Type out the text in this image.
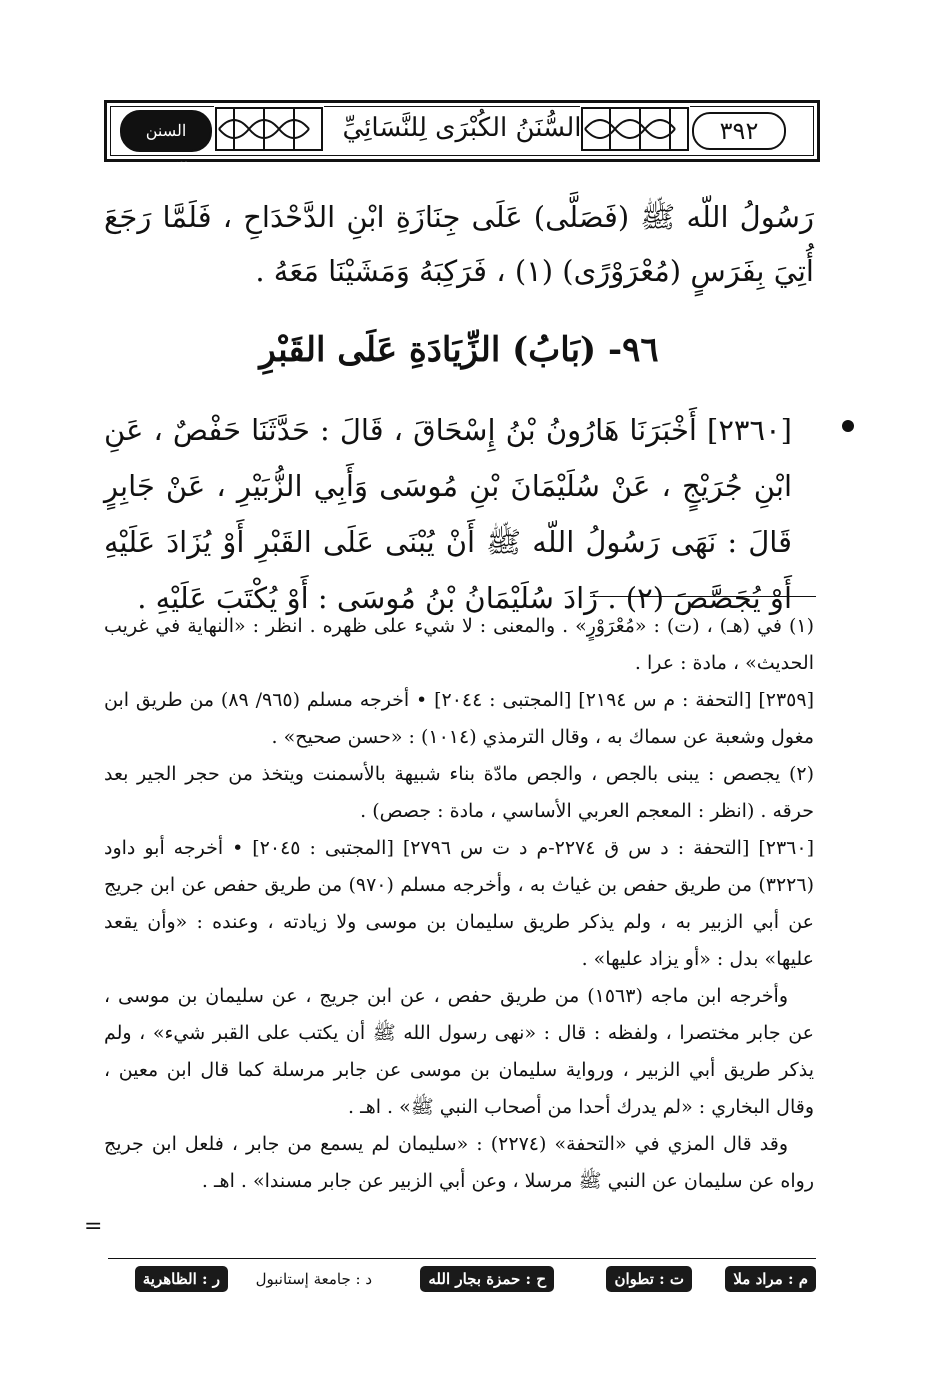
السنن الكبرى
السُّنَنُ الكُبْرَى لِلنَّسَائِيِّ	٣٩٢
رَسُولُ اللّه ﷺ (فَصَلَّى) عَلَى جِنَازَةِ ابْنِ الدَّحْدَاحِ ، فَلَمَّا رَجَعَ أُتِيَ بِفَرَسٍ (مُعْرَوْرًى) (١) ، فَرَكِبَهُ وَمَشَيْنَا مَعَهُ .
٩٦- (بَابُ) الزِّيَادَةِ عَلَى القَبْرِ
[٢٣٦٠] أَخْبَرَنَا هَارُونُ بْنُ إِسْحَاقَ ، قَالَ : حَدَّثَنَا حَفْصٌ ، عَنِ ابْنِ جُرَيْجٍ ، عَنْ سُلَيْمَانَ بْنِ مُوسَى وَأَبِي الزُّبَيْرِ ، عَنْ جَابِرٍ قَالَ : نَهَى رَسُولُ اللّه ﷺ أَنْ يُبْنَى عَلَى القَبْرِ أَوْ يُزَادَ عَلَيْهِ أَوْ يُجَصَّصَ (٢) . زَادَ سُلَيْمَانُ بْنُ مُوسَى : أَوْ يُكْتَبَ عَلَيْهِ .

(١) في (هـ) ، (ت) : «مُعْرَوْرٍ» . والمعنى : لا شيء على ظهره . انظر : «النهاية في غريب الحديث» ، مادة : عرا .

[٢٣٥٩] [التحفة : م س ٢١٩٤] [المجتبى : ٢٠٤٤] • أخرجه مسلم (٩٦٥/ ٨٩) من طريق ابن مغول وشعبة عن سماك به ، وقال الترمذي (١٠١٤) : «حسن صحيح» .

(٢) يجصص : يبنى بالجص ، والجص مادّة بناء شبيهة بالأسمنت ويتخذ من حجر الجير بعد حرقه . (انظر : المعجم العربي الأساسي ، مادة : جصص) .

[٢٣٦٠] [التحفة : د س ق ٢٢٧٤-م د ت س ٢٧٩٦] [المجتبى : ٢٠٤٥] • أخرجه أبو داود (٣٢٢٦) من طريق حفص بن غياث به ، وأخرجه مسلم (٩٧٠) من طريق حفص عن ابن جريج عن أبي الزبير به ، ولم يذكر طريق سليمان بن موسى ولا زيادته ، وعنده : «وأن يقعد عليها» بدل : «أو يزاد عليها» .

وأخرجه ابن ماجه (١٥٦٣) من طريق حفص ، عن ابن جريج ، عن سليمان بن موسى ، عن جابر مختصرا ، ولفظه : قال : «نهى رسول الله ﷺ أن يكتب على القبر شيء» ، ولم يذكر طريق أبي الزبير ، ورواية سليمان بن موسى عن جابر مرسلة كما قال ابن معين ، وقال البخاري : «لم يدرك أحدا من أصحاب النبي ﷺ» . اهـ .

وقد قال المزي في «التحفة» (٢٢٧٤) : «سليمان لم يسمع من جابر ، فلعل ابن جريج رواه عن سليمان عن النبي ﷺ مرسلا ، وعن أبي الزبير عن جابر مسندا» . اهـ .

=
م : مراد ملا
ت : تطوان
ح : حمزة بجار الله
د : جامعة إستانبول
ر : الظاهرية
